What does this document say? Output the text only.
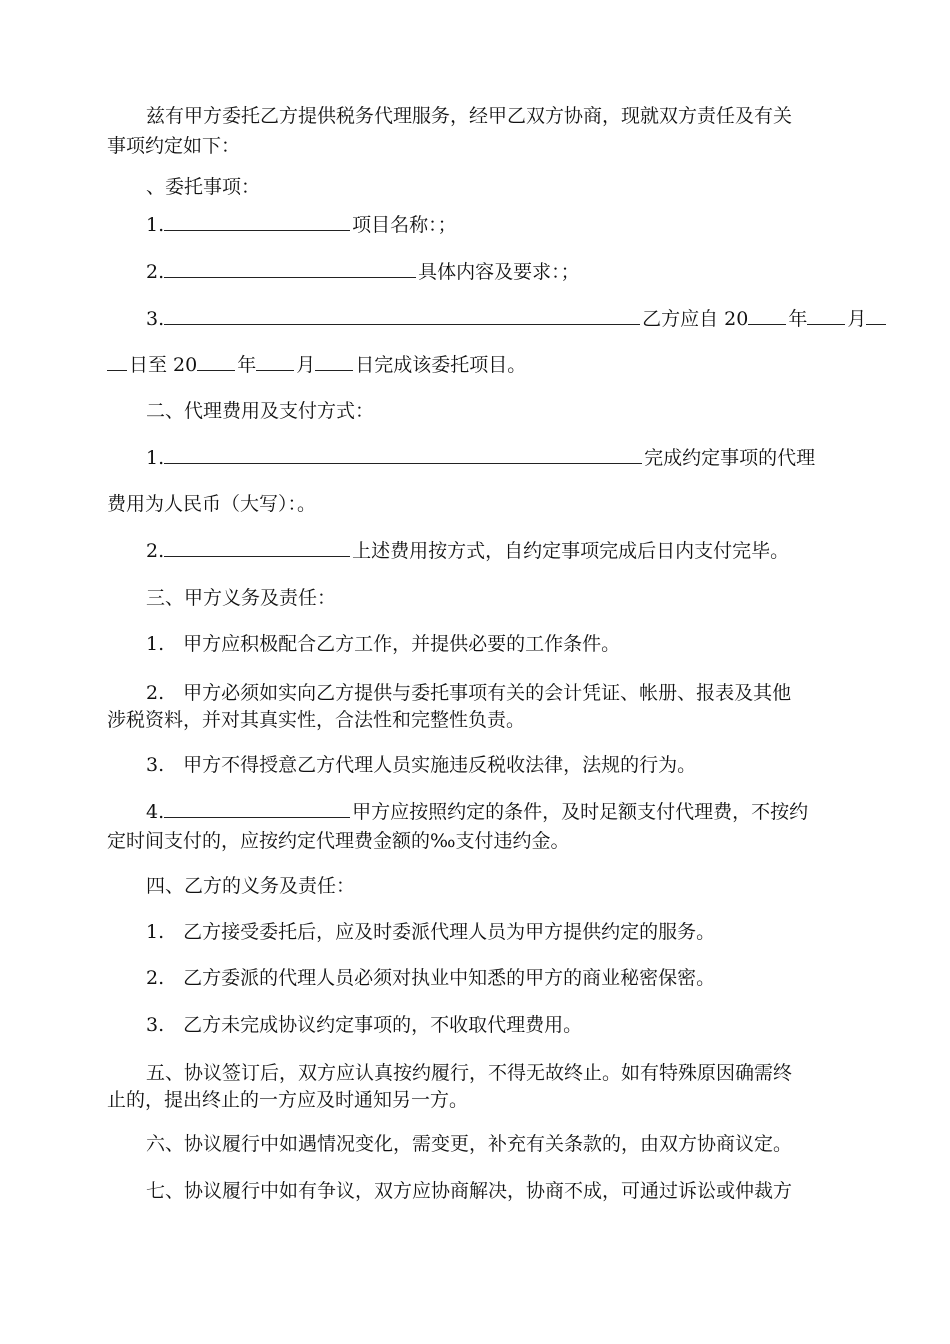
兹有甲方委托乙方提供税务代理服务，经甲乙双方协商，现就双方责任及有关
事项约定如下：
、委托事项：
1.	项目名称：；
2.	具体内容及要求：；
3.	乙方应自 20 年 月
日至 20 年 月 日完成该委托项目。
二、代理费用及支付方式：
1.	完成约定事项的代理
费用为人民币（大写）：。
2.	上述费用按方式，自约定事项完成后日内支付完毕。
三、甲方义务及责任：
1.　甲方应积极配合乙方工作，并提供必要的工作条件。
2.　甲方必须如实向乙方提供与委托事项有关的会计凭证、帐册、报表及其他
涉税资料，并对其真实性，合法性和完整性负责。
3.　甲方不得授意乙方代理人员实施违反税收法律，法规的行为。
4.	甲方应按照约定的条件，及时足额支付代理费，不按约
定时间支付的，应按约定代理费金额的‰支付违约金。
四、乙方的义务及责任：
1.　乙方接受委托后，应及时委派代理人员为甲方提供约定的服务。
2.　乙方委派的代理人员必须对执业中知悉的甲方的商业秘密保密。
3.　乙方未完成协议约定事项的，不收取代理费用。
五、协议签订后，双方应认真按约履行，不得无故终止。如有特殊原因确需终
止的，提出终止的一方应及时通知另一方。
六、协议履行中如遇情况变化，需变更，补充有关条款的，由双方协商议定。
七、协议履行中如有争议，双方应协商解决，协商不成，可通过诉讼或仲裁方
